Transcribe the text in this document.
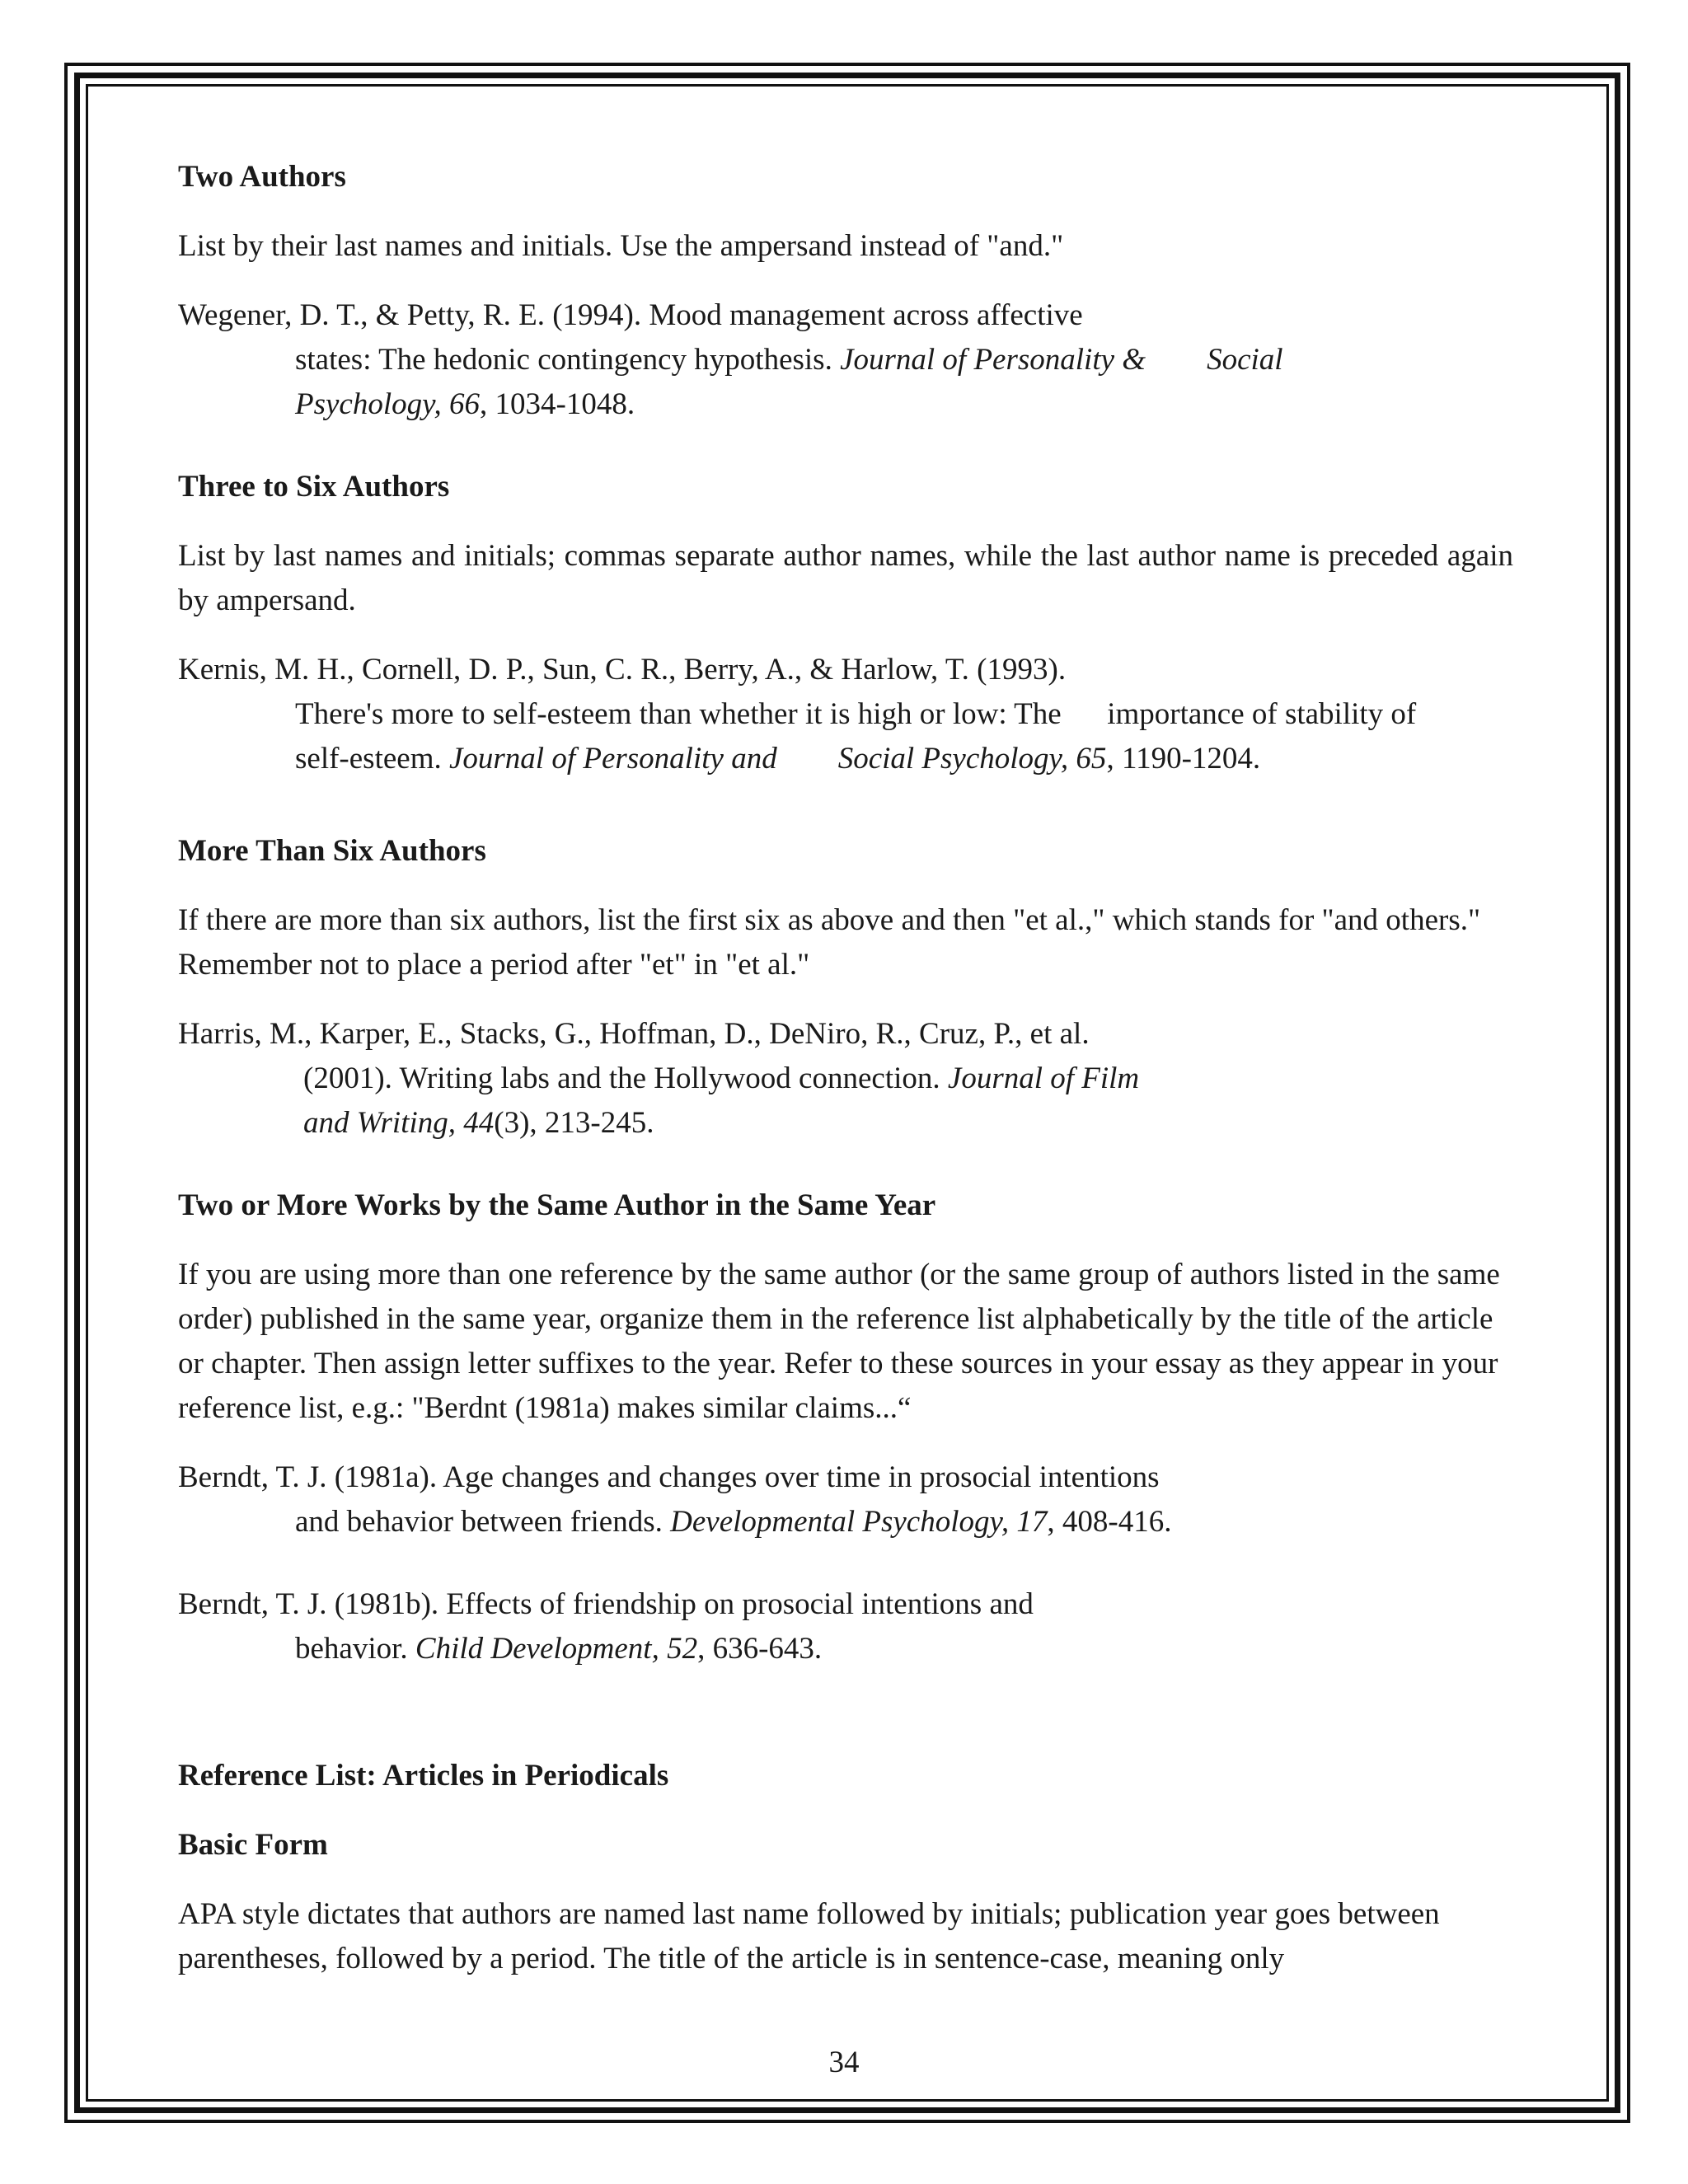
Two Authors

List by their last names and initials. Use the ampersand instead of "and."

Wegener, D. T., & Petty, R. E. (1994). Mood management across affective
states: The hedonic contingency hypothesis. Journal of Personality &        Social
Psychology, 66, 1034-1048.

Three to Six Authors

List by last names and initials; commas separate author names, while the last author name is preceded again by ampersand.

Kernis, M. H., Cornell, D. P., Sun, C. R., Berry, A., & Harlow, T. (1993).
There's more to self-esteem than whether it is high or low: The      importance of stability of
self-esteem. Journal of Personality and        Social Psychology, 65, 1190-1204.

More Than Six Authors

If there are more than six authors, list the first six as above and then "et al.," which stands for "and others." Remember not to place a period after "et" in "et al."

Harris, M., Karper, E., Stacks, G., Hoffman, D., DeNiro, R., Cruz, P., et al.
(2001). Writing labs and the Hollywood connection. Journal of Film
and Writing, 44(3), 213-245.

Two or More Works by the Same Author in the Same Year

If you are using more than one reference by the same author (or the same group of authors listed in the same order) published in the same year, organize them in the reference list alphabetically by the title of the article or chapter. Then assign letter suffixes to the year. Refer to these sources in your essay as they appear in your reference list, e.g.: "Berdnt (1981a) makes similar claims...“

Berndt, T. J. (1981a). Age changes and changes over time in prosocial intentions
and behavior between friends. Developmental Psychology, 17, 408-416.

Berndt, T. J. (1981b). Effects of friendship on prosocial intentions and
behavior. Child Development, 52, 636-643.

Reference List: Articles in Periodicals

Basic Form

APA style dictates that authors are named last name followed by initials; publication year goes between parentheses, followed by a period. The title of the article is in sentence-case, meaning only

34
